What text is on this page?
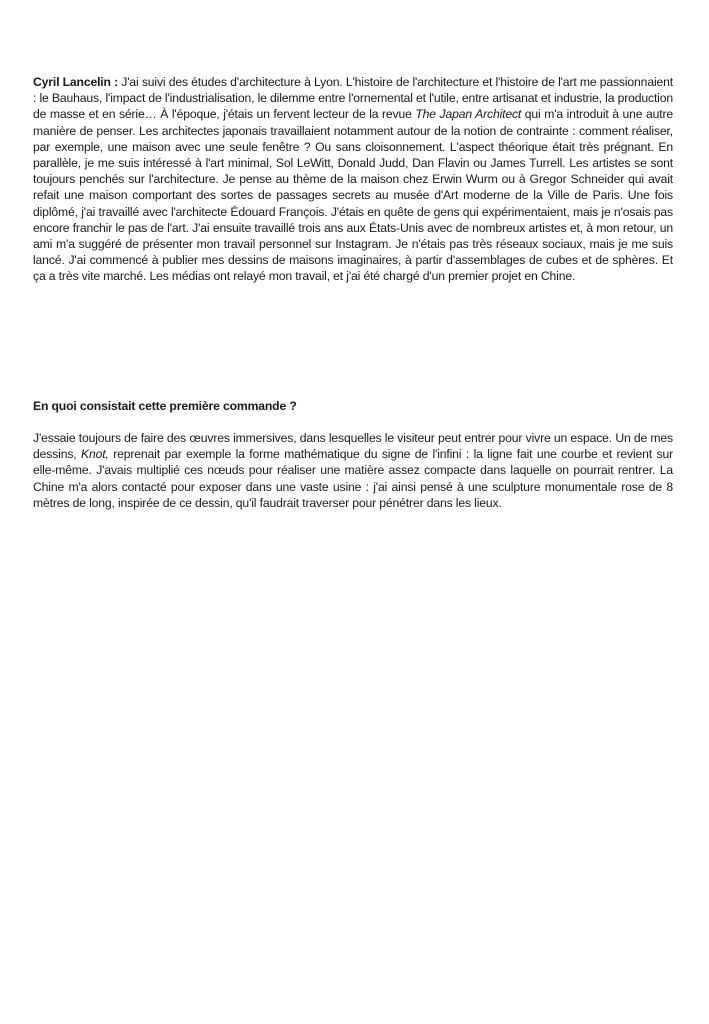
Cyril Lancelin : J'ai suivi des études d'architecture à Lyon. L'histoire de l'architecture et l'histoire de l'art me passionnaient : le Bauhaus, l'impact de l'industrialisation, le dilemme entre l'ornemental et l'utile, entre artisanat et industrie, la production de masse et en série… À l'époque, j'étais un fervent lecteur de la revue The Japan Architect qui m'a introduit à une autre manière de penser. Les architectes japonais travaillaient notamment autour de la notion de contrainte : comment réaliser, par exemple, une maison avec une seule fenêtre ? Ou sans cloisonnement. L'aspect théorique était très prégnant. En parallèle, je me suis intéressé à l'art minimal, Sol LeWitt, Donald Judd, Dan Flavin ou James Turrell. Les artistes se sont toujours penchés sur l'architecture. Je pense au thème de la maison chez Erwin Wurm ou à Gregor Schneider qui avait refait une maison comportant des sortes de passages secrets au musée d'Art moderne de la Ville de Paris. Une fois diplômé, j'ai travaillé avec l'architecte Édouard François. J'étais en quête de gens qui expérimentaient, mais je n'osais pas encore franchir le pas de l'art. J'ai ensuite travaillé trois ans aux États-Unis avec de nombreux artistes et, à mon retour, un ami m'a suggéré de présenter mon travail personnel sur Instagram. Je n'étais pas très réseaux sociaux, mais je me suis lancé. J'ai commencé à publier mes dessins de maisons imaginaires, à partir d'assemblages de cubes et de sphères. Et ça a très vite marché. Les médias ont relayé mon travail, et j'ai été chargé d'un premier projet en Chine.

En quoi consistait cette première commande ?

J'essaie toujours de faire des œuvres immersives, dans lesquelles le visiteur peut entrer pour vivre un espace. Un de mes dessins, Knot, reprenait par exemple la forme mathématique du signe de l'infini : la ligne fait une courbe et revient sur elle-même. J'avais multiplié ces nœuds pour réaliser une matière assez compacte dans laquelle on pourrait rentrer. La Chine m'a alors contacté pour exposer dans une vaste usine : j'ai ainsi pensé à une sculpture monumentale rose de 8 mètres de long, inspirée de ce dessin, qu'il faudrait traverser pour pénétrer dans les lieux.
